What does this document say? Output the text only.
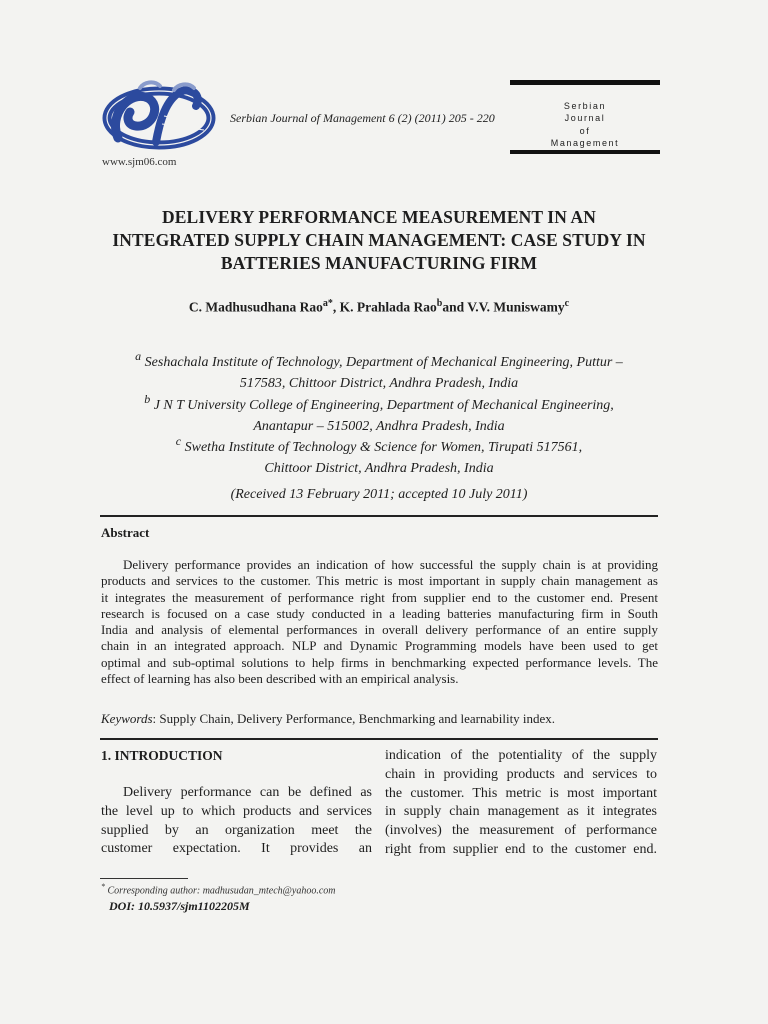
www.sjm06.com
Serbian Journal of Management 6 (2) (2011) 205 - 220
Serbian
Journal
of
Management
DELIVERY PERFORMANCE MEASUREMENT IN AN
INTEGRATED SUPPLY CHAIN MANAGEMENT: CASE STUDY IN
BATTERIES MANUFACTURING FIRM
C. Madhusudhana Rao$^{a*}$, K. Prahlada Rao$^b$and V.V. Muniswamy$^c$
$^a$ Seshachala Institute of Technology, Department of Mechanical Engineering, Puttur –
517583, Chittoor District, Andhra Pradesh, India
$^b$ J N T University College of Engineering, Department of Mechanical Engineering,
Anantapur – 515002, Andhra Pradesh, India
$^c$ Swetha Institute of Technology & Science for Women, Tirupati 517561,
Chittoor District, Andhra Pradesh, India
(Received 13 February 2011; accepted 10 July 2011)
Abstract
Delivery performance provides an indication of how successful the supply chain is at providing
products and services to the customer. This metric is most important in supply chain management as
it integrates the measurement of performance right from supplier end to the customer end. Present
research is focused on a case study conducted in a leading batteries manufacturing firm in South
India and analysis of elemental performances in overall delivery performance of an entire supply
chain in an integrated approach. NLP and Dynamic Programming models have been used to get
optimal and sub-optimal solutions to help firms in benchmarking expected performance levels. The
effect of learning has also been described with an empirical analysis.
Keywords: Supply Chain, Delivery Performance, Benchmarking and learnability index.
1. INTRODUCTION
Delivery performance can be defined as
the level up to which products and services
supplied by an organization meet the
customer expectation. It provides an
indication of the potentiality of the supply
chain in providing products and services to
the customer. This metric is most important
in supply chain management as it integrates
(involves) the measurement of performance
right from supplier end to the customer end.
* Corresponding author: madhusudan_mtech@yahoo.com
DOI: 10.5937/sjm1102205M
